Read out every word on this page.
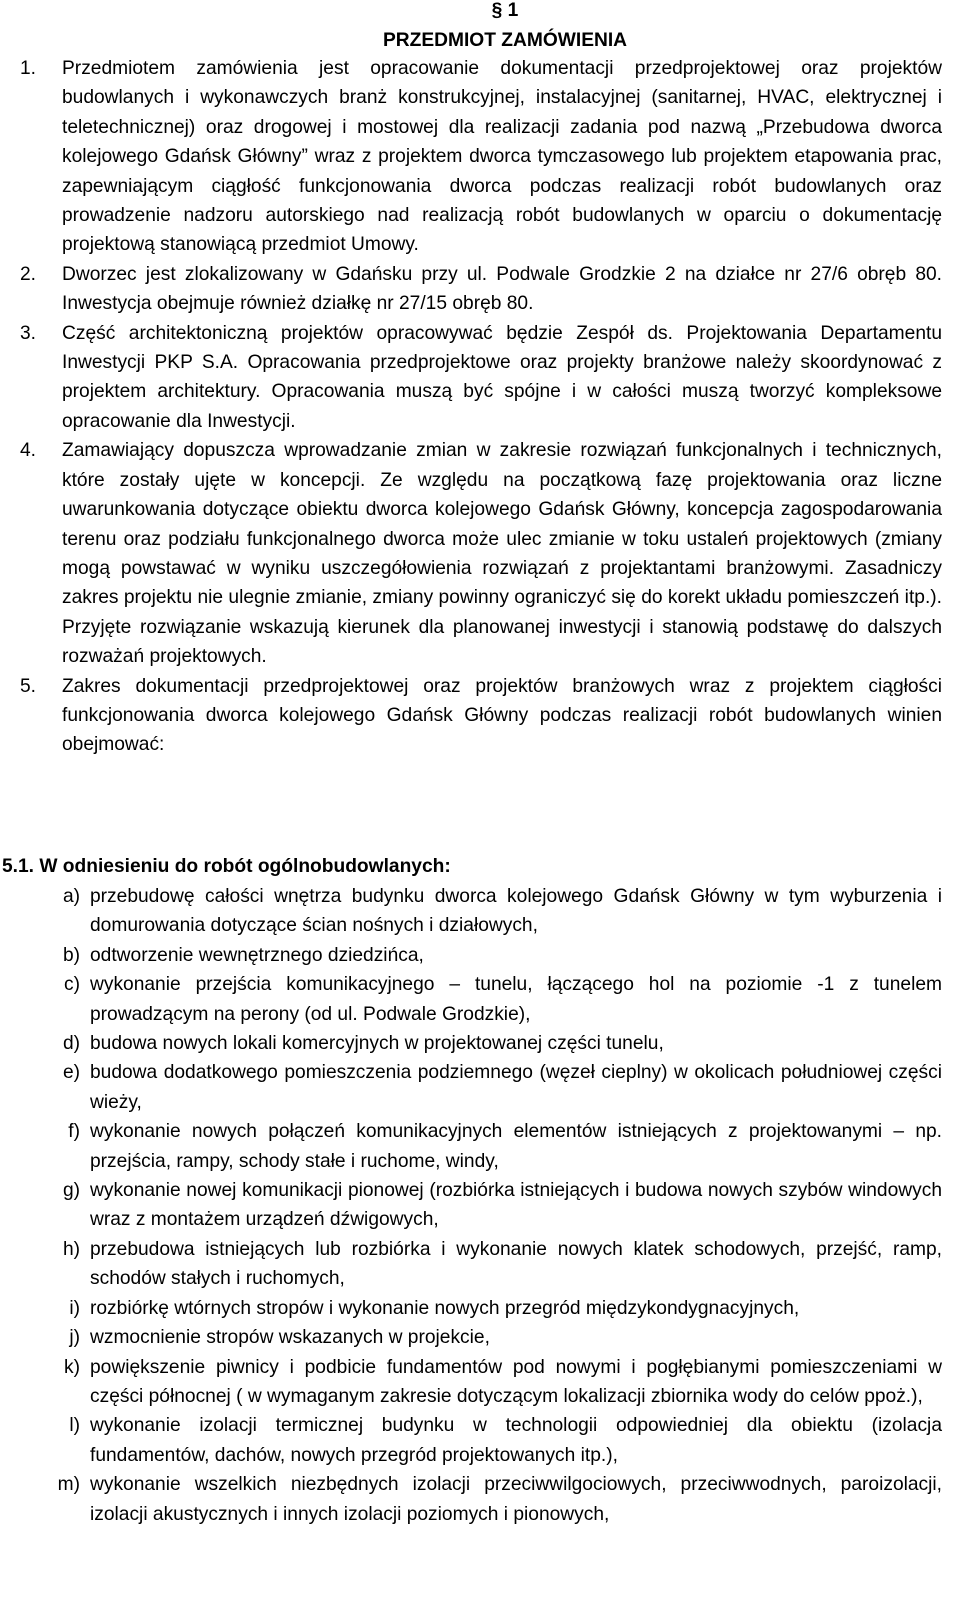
§ 1
PRZEDMIOT ZAMÓWIENIA
1. Przedmiotem zamówienia jest opracowanie dokumentacji przedprojektowej oraz projektów budowlanych i wykonawczych branż konstrukcyjnej, instalacyjnej (sanitarnej, HVAC, elektrycznej i teletechnicznej) oraz drogowej i mostowej dla realizacji zadania pod nazwą „Przebudowa dworca kolejowego Gdańsk Główny” wraz z projektem dworca tymczasowego lub projektem etapowania prac, zapewniającym ciągłość funkcjonowania dworca podczas realizacji robót budowlanych oraz prowadzenie nadzoru autorskiego nad realizacją robót budowlanych w oparciu o dokumentację projektową stanowiącą przedmiot Umowy.
2. Dworzec jest zlokalizowany w Gdańsku przy ul. Podwale Grodzkie 2 na działce nr 27/6 obręb 80. Inwestycja obejmuje również działkę nr 27/15 obręb 80.
3. Część architektoniczną projektów opracowywać będzie Zespół ds. Projektowania Departamentu Inwestycji PKP S.A. Opracowania przedprojektowe oraz projekty branżowe należy skoordynować z projektem architektury. Opracowania muszą być spójne i w całości muszą tworzyć kompleksowe opracowanie dla Inwestycji.
4. Zamawiający dopuszcza wprowadzanie zmian w zakresie rozwiązań funkcjonalnych i technicznych, które zostały ujęte w koncepcji. Ze względu na początkową fazę projektowania oraz liczne uwarunkowania dotyczące obiektu dworca kolejowego Gdańsk Główny, koncepcja zagospodarowania terenu oraz podziału funkcjonalnego dworca może ulec zmianie w toku ustaleń projektowych (zmiany mogą powstawać w wyniku uszczegółowienia rozwiązań z projektantami branżowymi. Zasadniczy zakres projektu nie ulegnie zmianie, zmiany powinny ograniczyć się do korekt układu pomieszczeń itp.). Przyjęte rozwiązanie wskazują kierunek dla planowanej inwestycji i stanowią podstawę do dalszych rozważań projektowych.
5. Zakres dokumentacji przedprojektowej oraz projektów branżowych wraz z projektem ciągłości funkcjonowania dworca kolejowego Gdańsk Główny podczas realizacji robót budowlanych winien obejmować:
5.1. W odniesieniu do robót ogólnobudowlanych:
a) przebudowę całości wnętrza budynku dworca kolejowego Gdańsk Główny w tym wyburzenia i domurowania dotyczące ścian nośnych i działowych,
b) odtworzenie wewnętrznego dziedzińca,
c) wykonanie przejścia komunikacyjnego – tunelu, łączącego hol na poziomie -1 z tunelem prowadzącym na perony (od ul. Podwale Grodzkie),
d) budowa nowych lokali komercyjnych w projektowanej części tunelu,
e) budowa dodatkowego pomieszczenia podziemnego (węzeł cieplny) w okolicach południowej części wieży,
f) wykonanie nowych połączeń komunikacyjnych elementów istniejących z projektowanymi – np. przejścia, rampy, schody stałe i ruchome, windy,
g) wykonanie nowej komunikacji pionowej (rozbiórka istniejących i budowa nowych szybów windowych wraz z montażem urządzeń dźwigowych,
h) przebudowa istniejących lub rozbiórka i wykonanie nowych klatek schodowych, przejść, ramp, schodów stałych i ruchomych,
i) rozbiórkę wtórnych stropów i wykonanie nowych przegród międzykondygnacyjnych,
j) wzmocnienie stropów wskazanych w projekcie,
k) powiększenie piwnicy i podbicie fundamentów pod nowymi i pogłębianymi pomieszczeniami w części północnej ( w wymaganym zakresie dotyczącym lokalizacji zbiornika wody do celów ppoż.),
l) wykonanie izolacji termicznej budynku w technologii odpowiedniej dla obiektu (izolacja fundamentów, dachów, nowych przegród projektowanych itp.),
m) wykonanie wszelkich niezbędnych izolacji przeciwwilgociowych, przeciwwodnych, paroizolacji, izolacji akustycznych i innych izolacji poziomych i pionowych,
